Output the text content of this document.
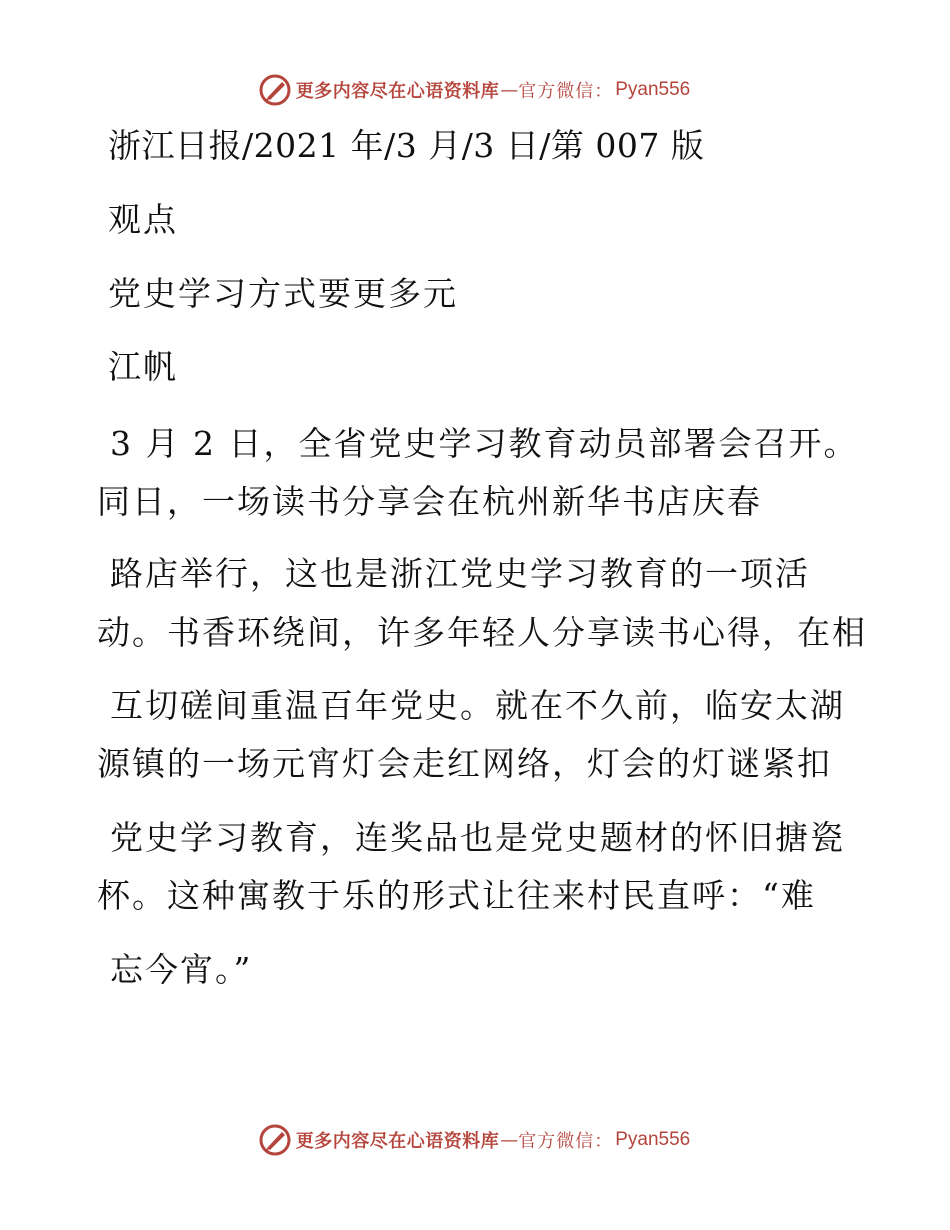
更多内容尽在心语资料库 — 官方微信： Pyan556
浙江日报/2021 年/3 月/3 日/第 007 版
观点
党史学习方式要更多元
江帆
3 月 2 日，全省党史学习教育动员部署会召开。
同日，一场读书分享会在杭州新华书店庆春
路店举行，这也是浙江党史学习教育的一项活
动。书香环绕间，许多年轻人分享读书心得，在相
互切磋间重温百年党史。就在不久前，临安太湖
源镇的一场元宵灯会走红网络，灯会的灯谜紧扣
党史学习教育，连奖品也是党史题材的怀旧搪瓷
杯。这种寓教于乐的形式让往来村民直呼：“难
忘今宵。”
更多内容尽在心语资料库 — 官方微信： Pyan556
